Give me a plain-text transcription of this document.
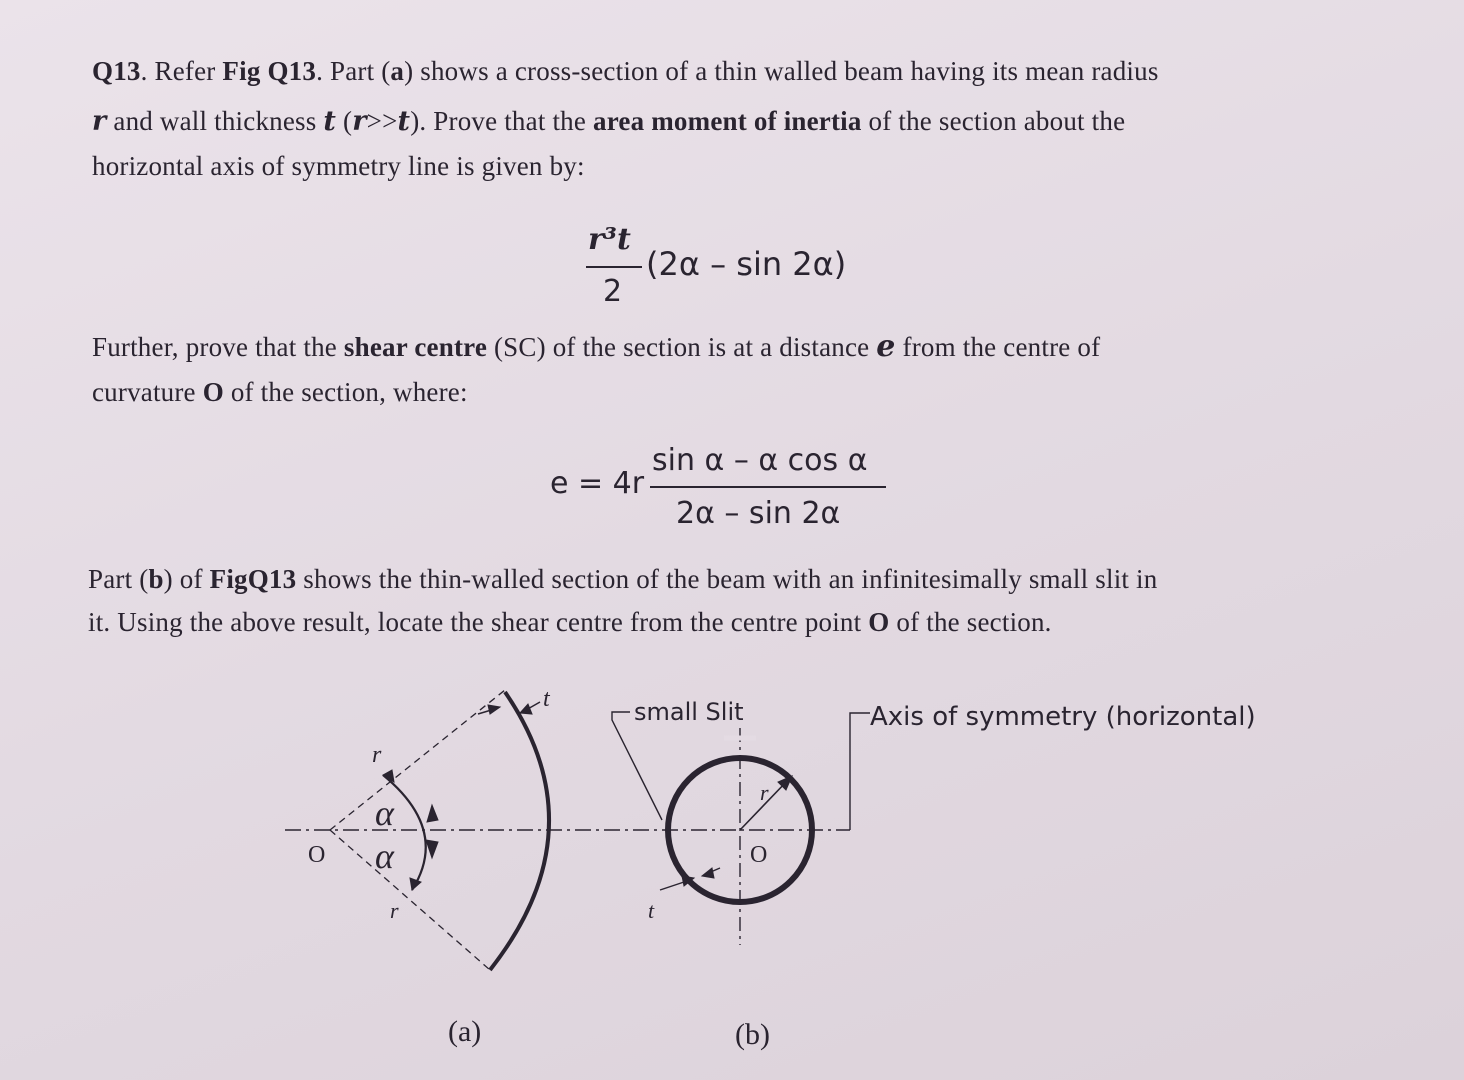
Q13. Refer Fig Q13. Part (a) shows a cross-section of a thin walled beam having its mean radius
r and wall thickness t (r>>t). Prove that the area moment of inertia of the section about the
horizontal axis of symmetry line is given by:
r³t
2
(2α – sin 2α)
Further, prove that the shear centre (SC) of the section is at a distance e from the centre of
curvature O of the section, where:
e = 4r
sin α – α cos α
2α – sin 2α
Part (b) of FigQ13 shows the thin-walled section of the beam with an infinitesimally small slit in
it. Using the above result, locate the shear centre from the centre point O of the section.
r
α
α
O
r
t	small Slit
r
O
t
Axis of symmetry (horizontal)
(a)	(b)
